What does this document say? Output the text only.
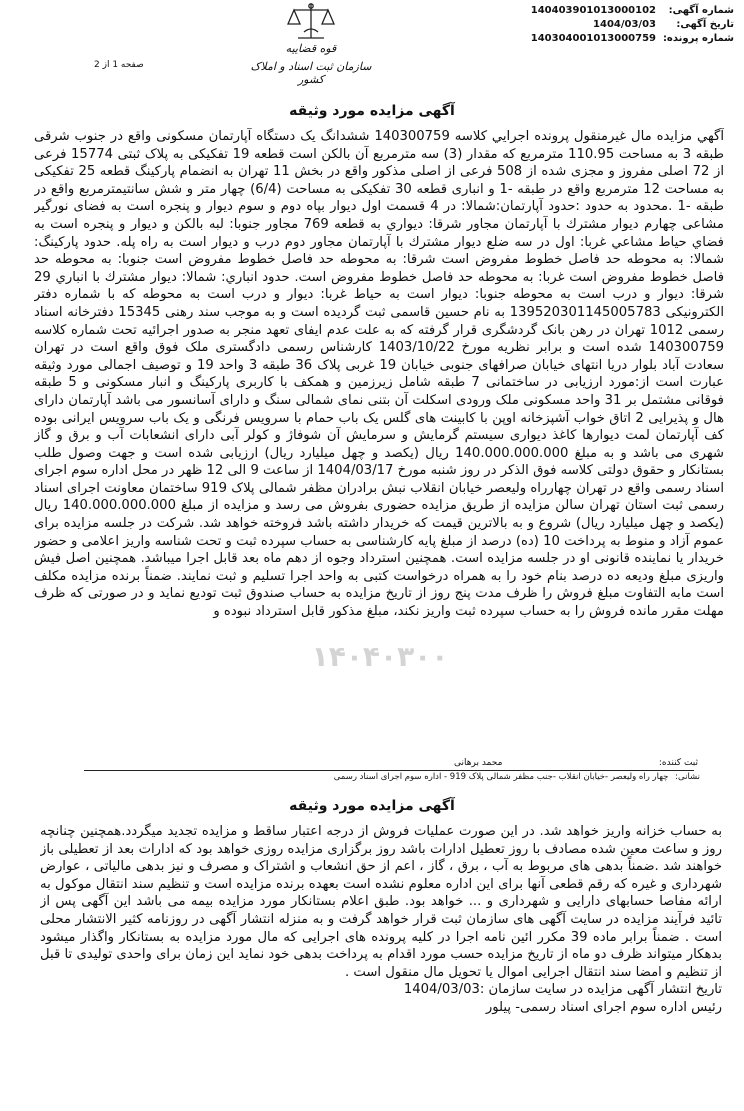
شماره آگهی:
140403901013000102
تاریخ آگهی:
1404/03/03
شماره پرونده:
140304001013000759
قوه قضاییه
سازمان ثبت اسناد و املاک کشور
صفحه 1 از 2
آگهی مزایده مورد وثیقه
آگهي مزايده مال غيرمنقول پرونده اجرايي كلاسه 140300759 ششدانگ یک دستگاه آپارتمان مسکونی واقع در جنوب شرقی طبقه 3 به مساحت 110.95 مترمربع که مقدار (3) سه مترمربع آن بالکن است قطعه 19 تفکیکی به پلاک ثبتی 15774 فرعی از 72 اصلی مفروز و مجزی شده از 508 فرعی از اصلی مذکور واقع در بخش 11 تهران به انضمام پارکینگ قطعه 25 تفکیکی به مساحت 12 مترمربع واقع در طبقه -1 و انباری قطعه 30 تفکیکی به مساحت (6/4) چهار متر و شش سانتیمترمربع واقع در طبقه -1 .محدود به حدود :حدود آپارتمان:شمالا: در 4 قسمت اول دیوار بپاه دوم و سوم دیوار و پنجره است به فضای نورگیر مشاعی چهارم دیوار مشترك با آپارتمان مجاور شرقا: ديواري به قطعه 769 مجاور جنوبا: لبه بالكن و ديوار و پنجره است به فضاي حياط مشاعي غربا: اول در سه ضلع ديوار مشترك با آپارتمان مجاور دوم درب و ديوار است به راه پله. حدود پاركينگ: شمالا: به محوطه حد فاصل خطوط مفروض است شرقا: به محوطه حد فاصل خطوط مفروض است جنوبا: به محوطه حد فاصل خطوط مفروض است غربا: به محوطه حد فاصل خطوط مفروض است. حدود انباري: شمالا: ديوار مشترك با انباري 29 شرقا: ديوار و درب است به محوطه جنوبا: ديوار است به حياط غربا: ديوار و درب است به محوطه که با شماره دفتر الکترونیکی 139520301145005783 به نام حسین قاسمی ثبت گردیده است و به موجب سند رهنی 15345 دفترخانه اسناد رسمی 1012 تهران در رهن بانک گردشگری قرار گرفته که به علت عدم ایفای تعهد منجر به صدور اجرائیه تحت شماره کلاسه 140300759 شده است و برابر نظریه مورخ 1403/10/22 کارشناس رسمی دادگستری ملک فوق واقع است در تهران سعادت آباد بلوار دریا انتهای خیابان صرافهای جنوبی خیابان 19 غربی پلاک 36 طبقه 3 واحد 19 و توصیف اجمالی مورد وثیقه عبارت است از:مورد ارزیابی در ساختمانی 7 طبقه شامل زیرزمین و همکف با کاربری پارکینگ و انبار مسکونی و 5 طبقه فوقانی مشتمل بر 31 واحد مسکونی ملک ورودی اسکلت آن بتنی نمای شمالی سنگ و دارای آسانسور می باشد آپارتمان دارای هال و پذیرایی 2 اتاق خواب آشپزخانه اوپن با کابینت های گلس یک باب حمام با سرویس فرنگی و یک باب سرویس ایرانی بوده کف آپارتمان لمت دیوارها کاغذ دیواری سیستم گرمایش و سرمایش آن شوفاژ و کولر آبی دارای انشعابات آب و برق و گاز شهری می باشد و به مبلغ 140.000.000.000 ریال (یکصد و چهل میلیارد ریال) ارزیابی شده است و جهت وصول طلب بستانکار و حقوق دولتی کلاسه فوق الذکر در روز شنبه مورخ 1404/03/17 از ساعت 9 الی 12 ظهر در محل اداره سوم اجرای اسناد رسمی واقع در تهران چهارراه ولیعصر خیابان انقلاب نبش برادران مظفر شمالی پلاک 919 ساختمان معاونت اجرای اسناد رسمی ثبت استان تهران سالن مزایده از طریق مزایده حضوری بفروش می رسد و مزایده از مبلغ 140.000.000.000 ریال (یکصد و چهل میلیارد ریال) شروع و به بالاترین قیمت که خریدار داشته باشد فروخته خواهد شد. شرکت در جلسه مزایده برای عموم آزاد و منوط به پرداخت 10 (ده) درصد از مبلغ پایه کارشناسی به حساب سپرده ثبت و تحت شناسه واریز اعلامی و حضور خریدار یا نماینده قانونی او در جلسه مزایده است. همچنین استرداد وجوه از دهم ماه بعد قابل اجرا میباشد. همچنین اصل فیش واریزی مبلغ ودیعه ده درصد بنام خود را به همراه درخواست کتبی به واحد اجرا تسلیم و ثبت نمایند. ضمناً برنده مزایده مکلف است مابه التفاوت مبلغ فروش را ظرف مدت پنج روز از تاریخ مزایده به حساب صندوق ثبت تودیع نماید و در صورتی که ظرف مهلت مقرر مانده فروش را به حساب سپرده ثبت واریز نکند، مبلغ مذکور قابل استرداد نبوده و
۱۴۰۴۰۳۰۰
ثبت کننده:
محمد برهانی
نشانی: چهار راه ولیعصر -خیابان انقلاب -جنب مظفر شمالی پلاک 919 - اداره سوم اجرای اسناد رسمی
آگهی مزایده مورد وثیقه
به حساب خزانه واریز خواهد شد. در این صورت عملیات فروش از درجه اعتبار ساقط و مزایده تجدید میگردد.همچنین چنانچه روز و ساعت معین شده مصادف با روز تعطیل ادارات باشد روز برگزاری مزایده روزی خواهد بود که ادارات بعد از تعطیلی باز خواهند شد .ضمناً بدهی های مربوط به آب ، برق ، گاز ، اعم از حق انشعاب و اشتراک و مصرف و نیز بدهی مالیاتی ، عوارض شهرداری و غیره که رقم قطعی آنها برای این اداره معلوم نشده است بعهده برنده مزایده است و تنظیم سند انتقال موکول به ارائه مفاصا حسابهای دارایی و شهرداری و ... خواهد بود. طبق اعلام بستانکار مورد مزایده بیمه می باشد این آگهی پس از تائید فرآیند مزایده در سایت آگهی های سازمان ثبت قرار خواهد گرفت و به منزله انتشار آگهی در روزنامه کثیر الانتشار محلی است . ضمناً برابر ماده 39 مکرر ائین نامه اجرا در کلیه پرونده های اجرایی که مال مورد مزایده به بستانکار واگذار میشود بدهکار میتواند ظرف دو ماه از تاریخ مزایده حسب مورد اقدام به پرداخت بدهی خود نماید این زمان برای واحدی تولیدی تا قبل از تنظیم و امضا سند انتقال اجرایی اموال یا تحویل مال منقول است .
تاریخ انتشار آگهی مزایده در سایت سازمان :1404/03/03
رئیس اداره سوم اجرای اسناد رسمی- پیلور
